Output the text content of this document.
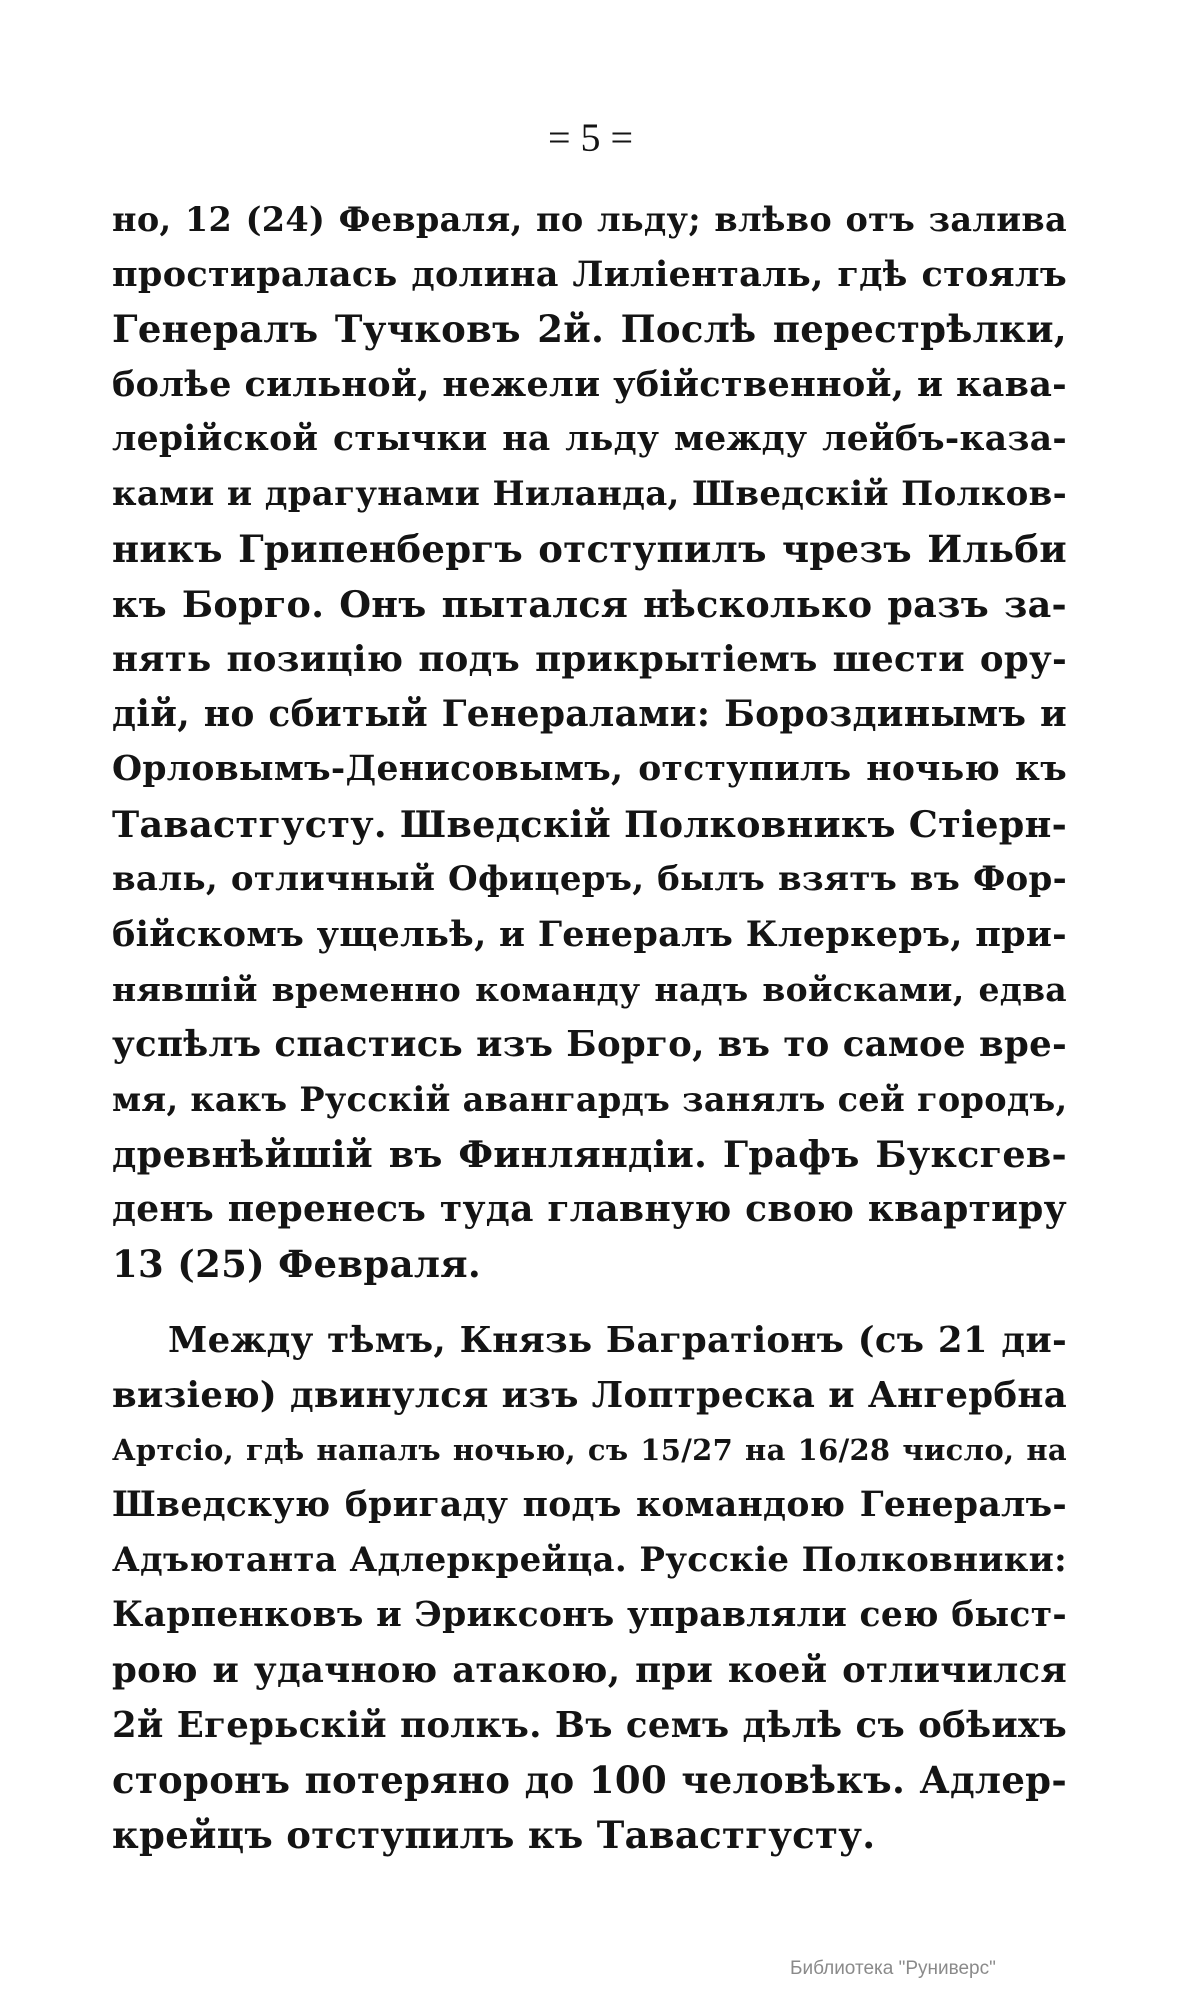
= 5 =
но, 12 (24) Февраля, по льду; влѣво отъ залива
простиралась долина Лиліенталь, гдѣ стоялъ
Генералъ Тучковъ 2й. Послѣ перестрѣлки,
болѣе сильной, нежели убійственной, и кава-
лерійской стычки на льду между лейбъ-каза-
ками и драгунами Ниланда, Шведскій Полков-
никъ Грипенбергъ отступилъ чрезъ Ильби
къ Борго. Онъ пытался нѣсколько разъ за-
нять позицію подъ прикрытіемъ шести ору-
дій, но сбитый Генералами: Бороздинымъ и
Орловымъ-Денисовымъ, отступилъ ночью къ
Тавастгусту. Шведскій Полковникъ Стіерн-
валь, отличный Офицеръ, былъ взятъ въ Фор-
бійскомъ ущельѣ, и Генералъ Клеркеръ, при-
нявшій временно команду надъ войсками, едва
успѣлъ спастись изъ Борго, въ то самое вре-
мя, какъ Русскій авангардъ занялъ сей городъ,
древнѣйшій въ Финляндіи. Графъ Буксгев-
денъ перенесъ туда главную свою квартиру
13 (25) Февраля.
Между тѣмъ, Князь Багратіонъ (съ 21 ди-
визіею) двинулся изъ Лоптреска и Ангербна
Артсіо, гдѣ напалъ ночью, съ 15/27 на 16/28 число, на
Шведскую бригаду подъ командою Генералъ-
Адъютанта Адлеркрейца. Русскіе Полковники:
Карпенковъ и Эриксонъ управляли сею быст-
рою и удачною атакою, при коей отличился
2й Егерьскій полкъ. Въ семъ дѣлѣ съ обѣихъ
сторонъ потеряно до 100 человѣкъ. Адлер-
крейцъ отступилъ къ Тавастгусту.
Библиотека "Руниверс"
